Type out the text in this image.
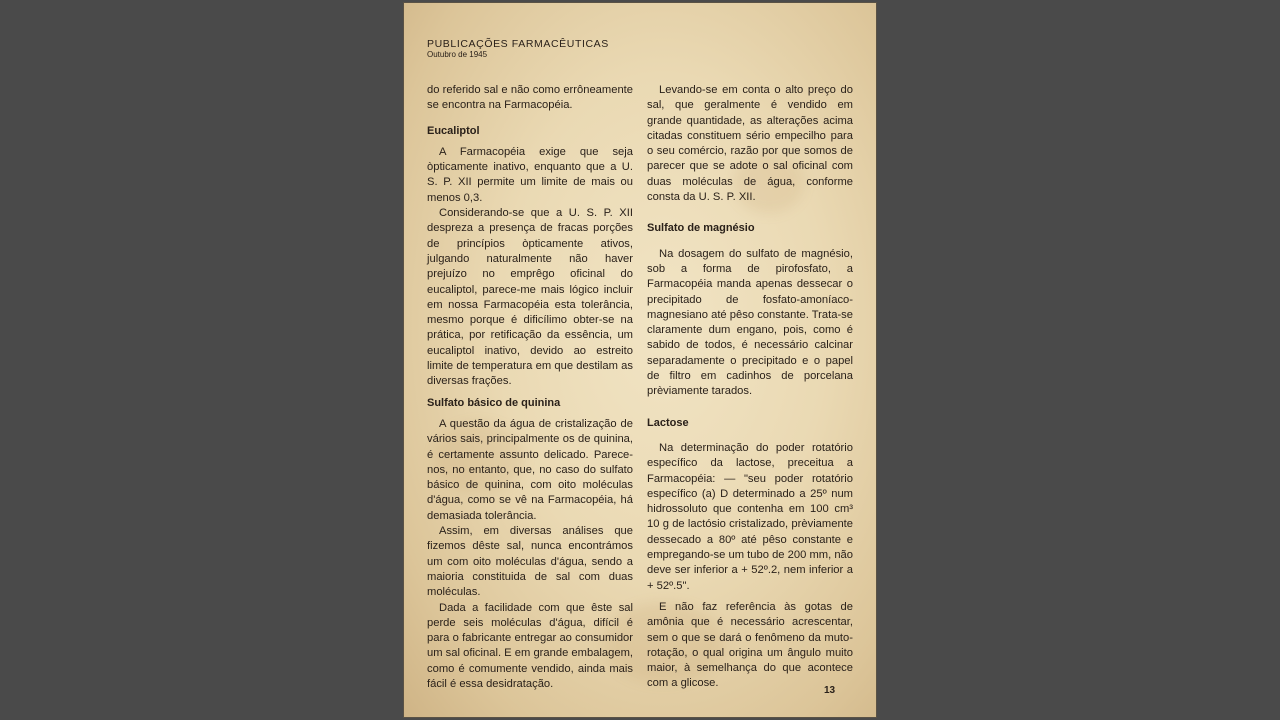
PUBLICAÇÕES FARMACÊUTICAS
Outubro de 1945

do referido sal e não como errôneamente se encontra na Farmacopéia.

Eucaliptol

A Farmacopéia exige que seja òpticamente inativo, enquanto que a U. S. P. XII permite um limite de mais ou menos 0,3.

Considerando-se que a U. S. P. XII despreza a presença de fracas porções de princípios òpticamente ativos, julgando naturalmente não haver prejuízo no emprêgo oficinal do eucaliptol, parece-me mais lógico incluir em nossa Farmacopéia esta tolerância, mesmo porque é dificílimo obter-se na prática, por retificação da essência, um eucaliptol inativo, devido ao estreito limite de temperatura em que destilam as diversas frações.

Sulfato básico de quinina

A questão da água de cristalização de vários sais, principalmente os de quinina, é certamente assunto delicado. Parece-nos, no entanto, que, no caso do sulfato básico de quinina, com oito moléculas d'água, como se vê na Farmacopéia, há demasiada tolerância.

Assim, em diversas análises que fizemos dêste sal, nunca encontrámos um com oito moléculas d'água, sendo a maioria constituida de sal com duas moléculas.

Dada a facilidade com que êste sal perde seis moléculas d'água, difícil é para o fabricante entregar ao consumidor um sal oficinal. E em grande embalagem, como é comumente vendido, ainda mais fácil é essa desidratação.

Levando-se em conta o alto preço do sal, que geralmente é vendido em grande quantidade, as alterações acima citadas constituem sério empecilho para o seu comércio, razão por que somos de parecer que se adote o sal oficinal com duas moléculas de água, conforme consta da U. S. P. XII.

Sulfato de magnésio

Na dosagem do sulfato de magnésio, sob a forma de pirofosfato, a Farmacopéia manda apenas dessecar o precipitado de fosfato-amoníaco-magnesiano até pêso constante. Trata-se claramente dum engano, pois, como é sabido de todos, é necessário calcinar separadamente o precipitado e o papel de filtro em cadinhos de porcelana prèviamente tarados.

Lactose

Na determinação do poder rotatório específico da lactose, preceitua a Farmacopéia: — "seu poder rotatório específico (a) D determinado a 25º num hidrossoluto que contenha em 100 cm³ 10 g de lactósio cristalizado, prèviamente dessecado a 80º até pêso constante e empregando-se um tubo de 200 mm, não deve ser inferior a + 52º.2, nem inferior a + 52º.5".

E não faz referência às gotas de amônia que é necessário acrescentar, sem o que se dará o fenômeno da muto-rotação, o qual origina um ângulo muito maior, à semelhança do que acontece com a glicose.

13
